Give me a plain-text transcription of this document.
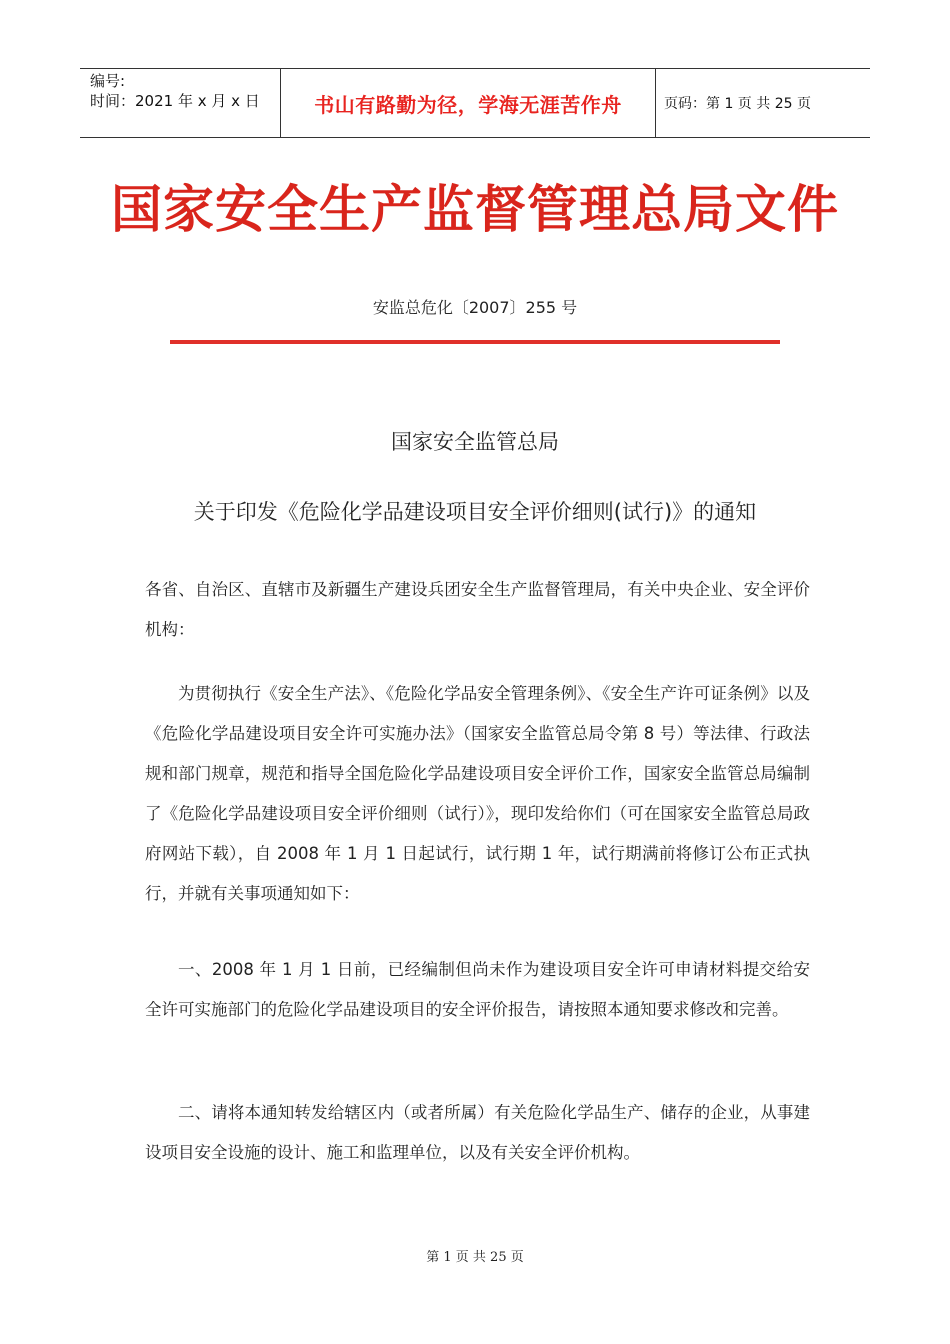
编号:
时间：2021 年 x 月 x 日	书山有路勤为径，学海无涯苦作舟	页码：第 1 页 共 25 页
国家安全生产监督管理总局文件
安监总危化〔2007〕255 号
国家安全监管总局
关于印发《危险化学品建设项目安全评价细则(试行)》的通知
各省、自治区、直辖市及新疆生产建设兵团安全生产监督管理局，有关中央企业、安全评价机构：
为贯彻执行《安全生产法》、《危险化学品安全管理条例》、《安全生产许可证条例》以及《危险化学品建设项目安全许可实施办法》（国家安全监管总局令第 8 号）等法律、行政法规和部门规章，规范和指导全国危险化学品建设项目安全评价工作，国家安全监管总局编制了《危险化学品建设项目安全评价细则（试行）》，现印发给你们（可在国家安全监管总局政府网站下载），自 2008 年 1 月 1 日起试行，试行期 1 年，试行期满前将修订公布正式执行，并就有关事项通知如下：
一、2008 年 1 月 1 日前，已经编制但尚未作为建设项目安全许可申请材料提交给安全许可实施部门的危险化学品建设项目的安全评价报告，请按照本通知要求修改和完善。
二、请将本通知转发给辖区内（或者所属）有关危险化学品生产、储存的企业，从事建设项目安全设施的设计、施工和监理单位，以及有关安全评价机构。
第 1 页 共 25 页
